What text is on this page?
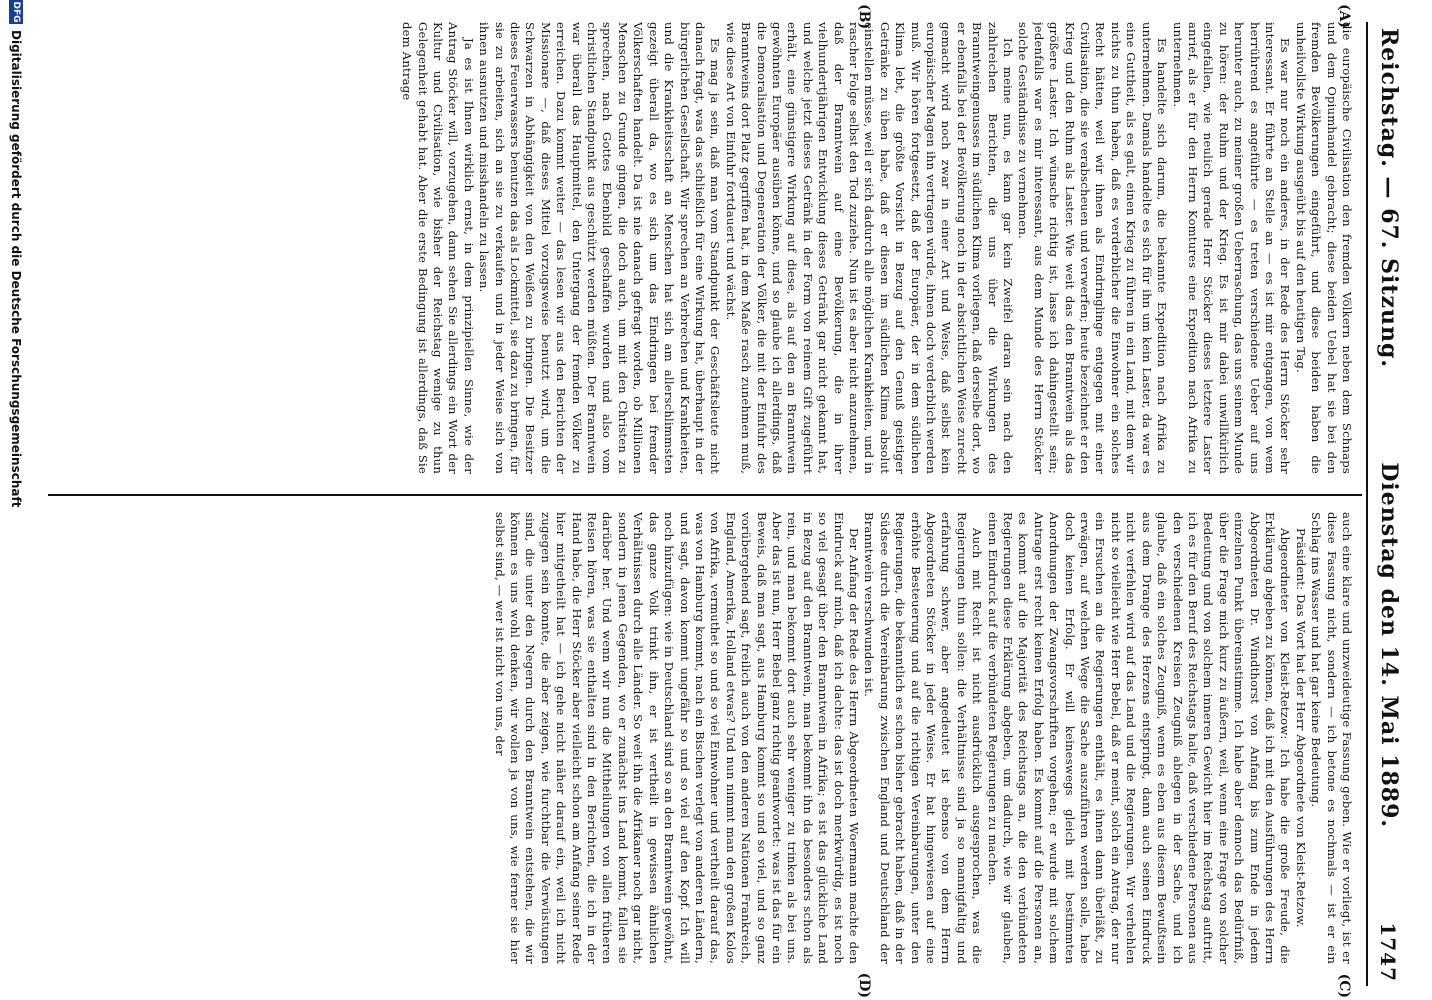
Reichstag. — 67. Sitzung.
Dienstag den 14. Mai 1889.
1747
(A)
(B)
(C)
(D)

die europäische Civilisation den fremden Völkern neben dem Schnaps und dem Opiumhandel gebracht; diese beiden Uebel hat sie bei den fremden Bevölkerungen eingeführt, und diese beiden haben die unheilvollste Wirkung ausgeübt bis auf den heutigen Tag.

Es war nur noch ein anderes, in der Rede des Herrn Stöcker sehr interessant. Er führte an Stelle an — es ist mir entgangen, von wem herrührend es angeführte — es treten verschiedene Ueber auf uns herunter auch, zu meiner großen Ueberraschung, das uns seinem Munde zu hören: der Ruhm und der Krieg. Es ist mir dabei unwillkürlich eingefallen, wie neulich gerade Herr Stöcker dieses letztere Laster anrief, als er für den Herrn Komtures eine Expedition nach Afrika zu unternehmen.

Es handelte sich darum, die bekannte Expedition nach Afrika zu unternehmen. Damals handelte es sich für ihn um kein Laster, da war es eine Guttheit, als es galt, einen Krieg zu führen in ein Land, mit dem wir nichts zu thun haben, daß es verderblicher die Einwohner ein solches Recht hätten, weil wir ihnen als Eindringlinge entgegen mit einer Civilisation, die sie verabscheuen und verwerfen; heute bezeichnet er den Krieg und den Ruhm als Laster. Wie weit das den Branntwein als das größere Laster. Ich wünsche richtig ist, lasse ich dahingestellt sein; jedenfalls war es mir interessant, aus dem Munde des Herrn Stöcker solche Geständnisse zu vernehmen.

Ich meine nun, es kann gar kein Zweifel daran sein nach den zahlreichen Berichten, die uns über die Wirkungen des Branntweingenusses im südlichen Klima vorliegen, daß derselbe dort, wo er ebenfalls bei der Bevölkerung noch in der absichtlichen Weise zurecht gemacht wird noch zwar in einer Art und Weise, daß selbst kein europäischer Magen ihn vertragen würde, ihnen doch verderblich werden muß. Wir hören fortgesetzt, daß der Europäer, der in dem südlichen Klima lebt, die größte Vorsicht in Bezug auf den Genuß geistiger Getränke zu üben habe, daß er diesen im südlichen Klima absolut einstellen müsse, weil er sich dadurch alle möglichen Krankheiten, und in rascher Folge selbst den Tod zuziehe. Nun ist es aber nicht anzunehmen, daß der Branntwein auf eine Bevölkerung, die in ihrer vielhundertjährigen Entwicklung dieses Getränk gar nicht gekannt hat, und welche jetzt dieses Getränk in der Form von reinem Gift zugeführt erhält, eine günstigere Wirkung auf diese, als auf den an Branntwein gewöhnten Europäer ausüben könne, und so glaube ich allerdings, daß die Demoralisation und Degeneration der Völker, die mit der Einfuhr des Branntweins dort Platz gegriffen hat, in dem Maße rasch zunehmen muß, wie diese Art von Einfuhr fortdauert und wächst.

Es mag ja sein, daß man vom Standpunkt der Geschäftsleute nicht danach fragt, was das schließlich für eine Wirkung hat, überhaupt in der bürgerlichen Gesellschaft. Wir sprechen an Verbrechen und Krankheiten, und die Krankheitsschaft an Menschen hat sich am allerschlimmsten gezeigt überall da, wo es sich um das Eindringen bei fremder Völkerschaften handelt. Da ist nie danach gefragt worden, ob Millionen Menschen zu Grunde gingen, die doch auch, um mit den Christen zu sprechen, nach Gottes Ebenbild geschaffen wurden und also vom christlichen Standpunkt aus geschützt werden müßten. Der Branntwein war überall das Hauptmittel, den Untergang der fremden Völker zu erreichen. Dazu kommt weiter — das lesen wir aus den Berichten der Missionare —, daß dieses Mittel vorzugsweise benutzt wird, um die Schwarzen in Abhängigkeit von den Weißen zu bringen. Die Besitzer dieses Feuerwassers benutzen das als Lockmittel, sie dazu zu bringen, für sie zu arbeiten, sich an sie zu verkaufen und in jeder Weise sich von ihnen ausnutzen und misshandeln zu lassen.

Ja es ist Ihnen wirklich ernst, in dem prinzipiellen Sinne, wie der Antrag Stöcker will, vorzugehen, dann sehen Sie allerdings ein Wort der Kultur und Civilisation, wie bisher der Reichstag wenige zu thun Gelegenheit gehabt hat. Aber die erste Bedingung ist allerdings, daß Sie dem Antrage

auch eine klare und unzweideutige Fassung geben. Wie er vorliegt, ist er diese Fassung nicht, sondern — ich betone es nochmals — ist er ein Schlag ins Wasser und hat gar keine Bedeutung.

Präsident: Das Wort hat der Herr Abgeordnete von Kleist-Retzow.

Abgeordneter von Kleist-Retzow: Ich habe die große Freude, die Erklärung abgeben zu können, daß ich mit den Ausführungen des Herrn Abgeordneten Dr. Windthorst von Anfang bis zum Ende in jedem einzelnen Punkt übereinstimme. Ich habe aber dennoch das Bedürfniß, über die Frage mich kurz zu äußern, weil, wenn eine Frage von solcher Bedeutung und von solchem inneren Gewicht hier im Reichstag auftritt, ich es für den Beruf des Reichstags halte, daß verschiedene Personen aus den verschiedenen Kreisen Zeugniß ablegen in der Sache, und ich glaube, daß ein solches Zeugniß, wenn es eben aus diesem Bewußtsein aus dem Drange des Herzens entspringt, dann auch seinen Eindruck nicht verfehlen wird auf das Land und die Regierungen. Wir verhehlen nicht so vielleicht wie Herr Bebel, daß er meint, solch ein Antrag, der nur ein Ersuchen an die Regierungen enthält, es ihnen dann überläßt, zu erwägen, auf welchen Wege die Sache auszuführen werden solle, habe doch keinen Erfolg. Er will keineswegs gleich mit bestimmten Anordnungen der Zwangsvorschriften vorgehen; er wurde mit solchem Antrage erst recht keinen Erfolg haben. Es kommt auf die Personen an, es kommt auf die Majorität des Reichstags an, die den verbündeten Regierungen diese Erklärung abgeben, um dadurch, wie wir glauben, einen Eindruck auf die verbündeten Regierungen zu machen.

Auch mit Recht ist nicht ausdrücklich ausgesprochen, was die Regierungen thun sollen: die Verhältnisse sind ja so mannigfaltig und erfahrung schwer, aber angedeutet ist ebenso von dem Herrn Abgeordneten Stöcker in jeder Weise. Er hat hingewiesen auf eine erhöhte Besteuerung und auf die richtigen Vereinbarungen, unter den Regierungen, die bekanntlich es schon bisher gebracht haben, daß in der Südsee durch die Vereinbarung zwischen England und Deutschland der Branntwein verschwunden ist.

Der Anfang der Rede des Herrn Abgeordneten Woermann machte den Eindruck auf mich, daß ich dachte: das ist doch merkwürdig, es ist noch so viel gesagt über den Branntwein in Afrika; es ist das glückliche Land in Bezug auf den Branntwein, man bekommt ihn da besonders schon als rein, und man bekommt dort auch sehr weniger zu trinken als bei uns. Aber das ist nun, Herr Bebel ganz richtig geantwortet: was ist das für ein Beweis, daß man sagt, aus Hamburg kommt so und so viel, und so ganz vorübergehend sagt, freilich auch von den anderen Nationen Frankreich, England, Amerika, Holland etwas? Und nun nimmt man den großen Kolos von Afrika, vermuthet so und so viel Einwohner und vertheilt darauf das, was von Hamburg kommt, nach ein Bischen verlegt von anderen Ländern, und sagt, davon kommt ungefähr so und so viel auf den Kopf. Ich will noch hinzufügen: wie in Deutschland sind so an den Branntwein gewöhnt, das ganze Volk trinkt ihn, er ist vertheilt in gewissen ähnlichen Verhältnissen durch alle Länder. So weit ihn die Afrikaner noch gar nicht, sondern in jenen Gegenden, wo er zunächst ins Land kommt, fallen sie darüber her. Und wenn wir nun die Mittheilungen von allen früheren Reisen hören, was sie enthalten sind in den Berichten, die ich in der Hand habe, die Herr Stöcker aber vielleicht schon am Anfang seiner Rede hier mitgetheilt hat — ich gehe nicht näher darauf ein, weil ich nicht zugegen sein konnte, die aber zeigen, wie furchtbar die Verwüstungen sind, die unter den Negern durch den Branntwein entstehen, die wir können es uns wohl denken, wir wollen ja von uns, wie ferner sie hier selbst sind, — wer ist nicht von uns, der

DFG
Digitalisierung gefördert durch die Deutsche Forschungsgemeinschaft
